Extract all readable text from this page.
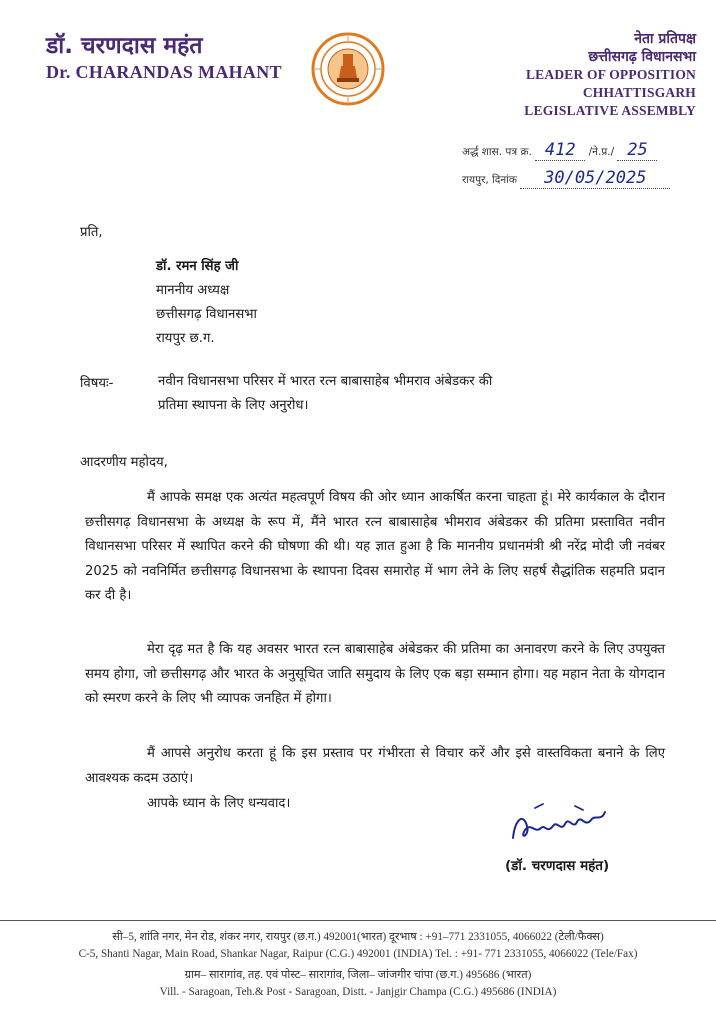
डॉ. चरणदास महंत
Dr. CHARANDAS MAHANT
नेता प्रतिपक्ष
छत्तीसगढ़ विधानसभा
LEADER OF OPPOSITION
CHHATTISGARH
LEGISLATIVE ASSEMBLY
अर्द्ध शास. पत्र क्र. 412 /ने.प्र./ 25
रायपुर, दिनांक 30/05/2025
प्रति,
डॉ. रमन सिंह जी
माननीय अध्यक्ष
छत्तीसगढ़ विधानसभा
रायपुर छ.ग.
विषयः-	नवीन विधानसभा परिसर में भारत रत्न बाबासाहेब भीमराव अंबेडकर की
प्रतिमा स्थापना के लिए अनुरोध।
आदरणीय महोदय,
मैं आपके समक्ष एक अत्यंत महत्वपूर्ण विषय की ओर ध्यान आकर्षित करना चाहता हूं। मेरे कार्यकाल के दौरान छत्तीसगढ़ विधानसभा के अध्यक्ष के रूप में, मैंने भारत रत्न बाबासाहेब भीमराव अंबेडकर की प्रतिमा प्रस्तावित नवीन विधानसभा परिसर में स्थापित करने की घोषणा की थी। यह ज्ञात हुआ है कि माननीय प्रधानमंत्री श्री नरेंद्र मोदी जी नवंबर 2025 को नवनिर्मित छत्तीसगढ़ विधानसभा के स्थापना दिवस समारोह में भाग लेने के लिए सहर्ष सैद्धांतिक सहमति प्रदान कर दी है।
मेरा दृढ़ मत है कि यह अवसर भारत रत्न बाबासाहेब अंबेडकर की प्रतिमा का अनावरण करने के लिए उपयुक्त समय होगा, जो छत्तीसगढ़ और भारत के अनुसूचित जाति समुदाय के लिए एक बड़ा सम्मान होगा। यह महान नेता के योगदान को स्मरण करने के लिए भी व्यापक जनहित में होगा।
मैं आपसे अनुरोध करता हूं कि इस प्रस्ताव पर गंभीरता से विचार करें और इसे वास्तविकता बनाने के लिए आवश्यक कदम उठाएं।
आपके ध्यान के लिए धन्यवाद।
(डॉ. चरणदास महंत)
सी–5, शांति नगर, मेन रोड, शंकर नगर, रायपुर (छ.ग.) 492001(भारत) दूरभाष : +91–771 2331055, 4066022 (टेली/फैक्स)
C-5, Shanti Nagar, Main Road, Shankar Nagar, Raipur (C.G.) 492001 (INDIA) Tel. : +91- 771 2331055, 4066022 (Tele/Fax)
ग्राम– सारागांव, तह. एवं पोस्ट– सारागांव, जिला– जांजगीर चांपा (छ.ग.) 495686 (भारत)
Vill. - Saragoan, Teh.& Post - Saragoan, Distt. - Janjgir Champa (C.G.) 495686 (INDIA)
